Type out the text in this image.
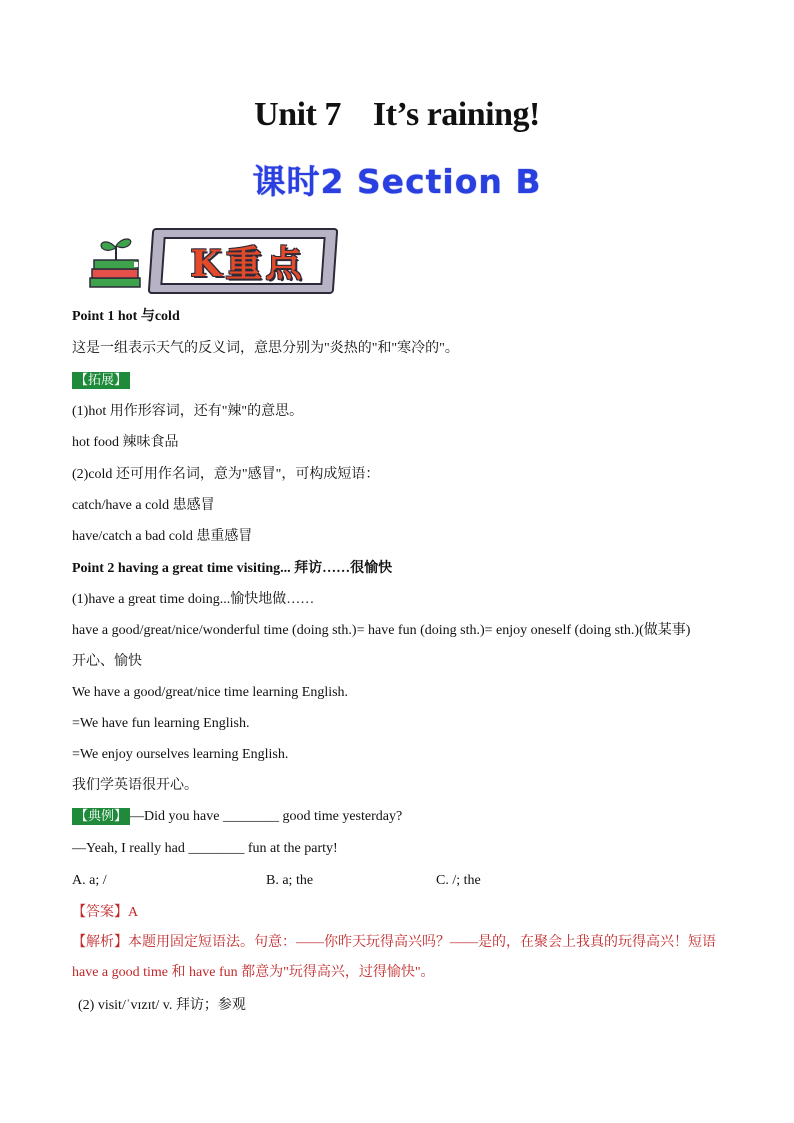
Unit 7    It’s raining!
课时2 Section B
K重点
Point 1 hot 与cold
这是一组表示天气的反义词，意思分别为"炎热的"和"寒冷的"。
【拓展】
(1)hot 用作形容词，还有"辣"的意思。
hot food 辣味食品
(2)cold 还可用作名词，意为"感冒"，可构成短语：
catch/have a cold 患感冒
have/catch a bad cold 患重感冒
Point 2 having a great time visiting... 拜访……很愉快
(1)have a great time doing...愉快地做……
have a good/great/nice/wonderful time (doing sth.)= have fun (doing sth.)= enjoy oneself (doing sth.)(做某事)
开心、愉快
We have a good/great/nice time learning English.
=We have fun learning English.
=We enjoy ourselves learning English.
我们学英语很开心。
【典例】 —Did you have ________ good time yesterday?
—Yeah, I really had ________ fun at the party!
A. a; /	B. a; the	C. /; the
【答案】A
【解析】本题用固定短语法。句意：——你昨天玩得高兴吗？——是的，在聚会上我真的玩得高兴！短语
have a good time 和 have fun 都意为"玩得高兴，过得愉快"。
(2) visit/ˈvɪzɪt/ v. 拜访；参观
